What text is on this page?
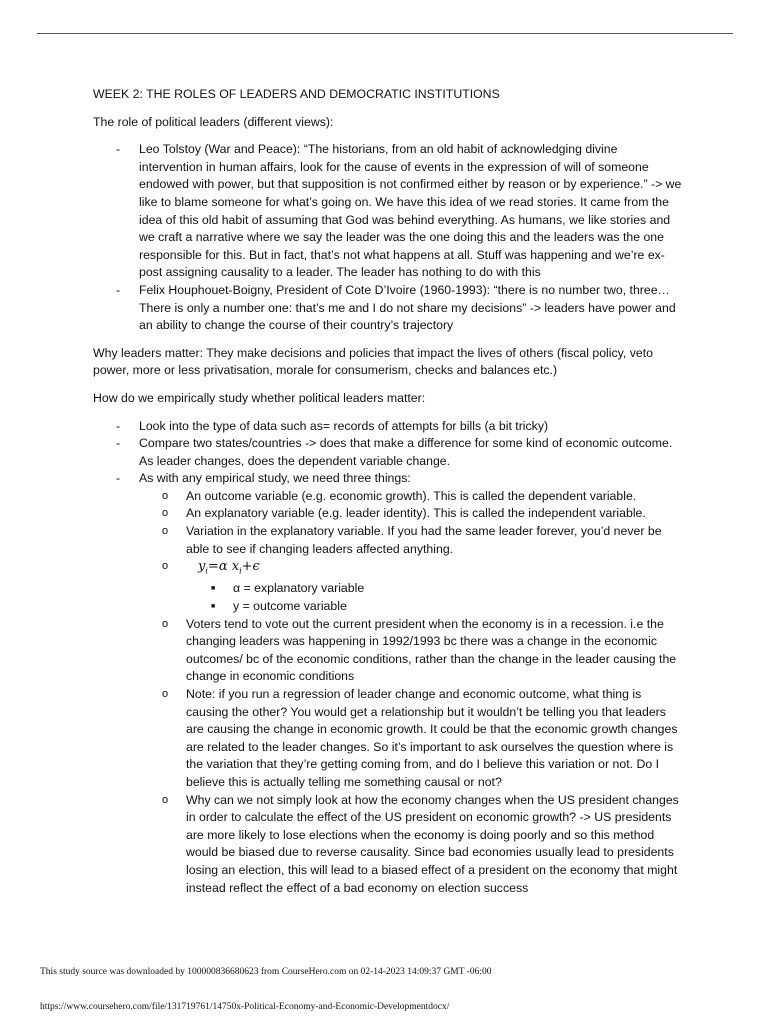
WEEK 2: THE ROLES OF LEADERS AND DEMOCRATIC INSTITUTIONS

The role of political leaders (different views):

- Leo Tolstoy (War and Peace): “The historians, from an old habit of acknowledging divine intervention in human affairs, look for the cause of events in the expression of will of someone endowed with power, but that supposition is not confirmed either by reason or by experience.” -> we like to blame someone for what’s going on. We have this idea of we read stories. It came from the idea of this old habit of assuming that God was behind everything. As humans, we like stories and we craft a narrative where we say the leader was the one doing this and the leaders was the one responsible for this. But in fact, that’s not what happens at all. Stuff was happening and we’re ex-post assigning causality to a leader. The leader has nothing to do with this
- Felix Houphouet-Boigny, President of Cote D’Ivoire (1960-1993): “there is no number two, three…There is only a number one: that’s me and I do not share my decisions” -> leaders have power and an ability to change the course of their country’s trajectory

Why leaders matter: They make decisions and policies that impact the lives of others (fiscal policy, veto power, more or less privatisation, morale for consumerism, checks and balances etc.)

How do we empirically study whether political leaders matter:

- Look into the type of data such as= records of attempts for bills (a bit tricky)
- Compare two states/countries -> does that make a difference for some kind of economic outcome. As leader changes, does the dependent variable change.
- As with any empirical study, we need three things:
o An outcome variable (e.g. economic growth). This is called the dependent variable.
o An explanatory variable (e.g. leader identity). This is called the independent variable.
o Variation in the explanatory variable. If you had the same leader forever, you’d never be able to see if changing leaders affected anything.
o $y_i=\alpha$ $x_i+\epsilon$
■ α = explanatory variable
■ y = outcome variable
o Voters tend to vote out the current president when the economy is in a recession. i.e the changing leaders was happening in 1992/1993 bc there was a change in the economic outcomes/ bc of the economic conditions, rather than the change in the leader causing the change in economic conditions
o Note: if you run a regression of leader change and economic outcome, what thing is causing the other? You would get a relationship but it wouldn’t be telling you that leaders are causing the change in economic growth. It could be that the economic growth changes are related to the leader changes. So it’s important to ask ourselves the question where is the variation that they’re getting coming from, and do I believe this variation or not. Do I believe this is actually telling me something causal or not?
o Why can we not simply look at how the economy changes when the US president changes in order to calculate the effect of the US president on economic growth? -> US presidents are more likely to lose elections when the economy is doing poorly and so this method would be biased due to reverse causality. Since bad economies usually lead to presidents losing an election, this will lead to a biased effect of a president on the economy that might instead reflect the effect of a bad economy on election success
This study source was downloaded by 100000836680623 from CourseHero.com on 02-14-2023 14:09:37 GMT -06:00
https://www.coursehero.com/file/131719761/14750x-Political-Economy-and-Economic-Developmentdocx/
